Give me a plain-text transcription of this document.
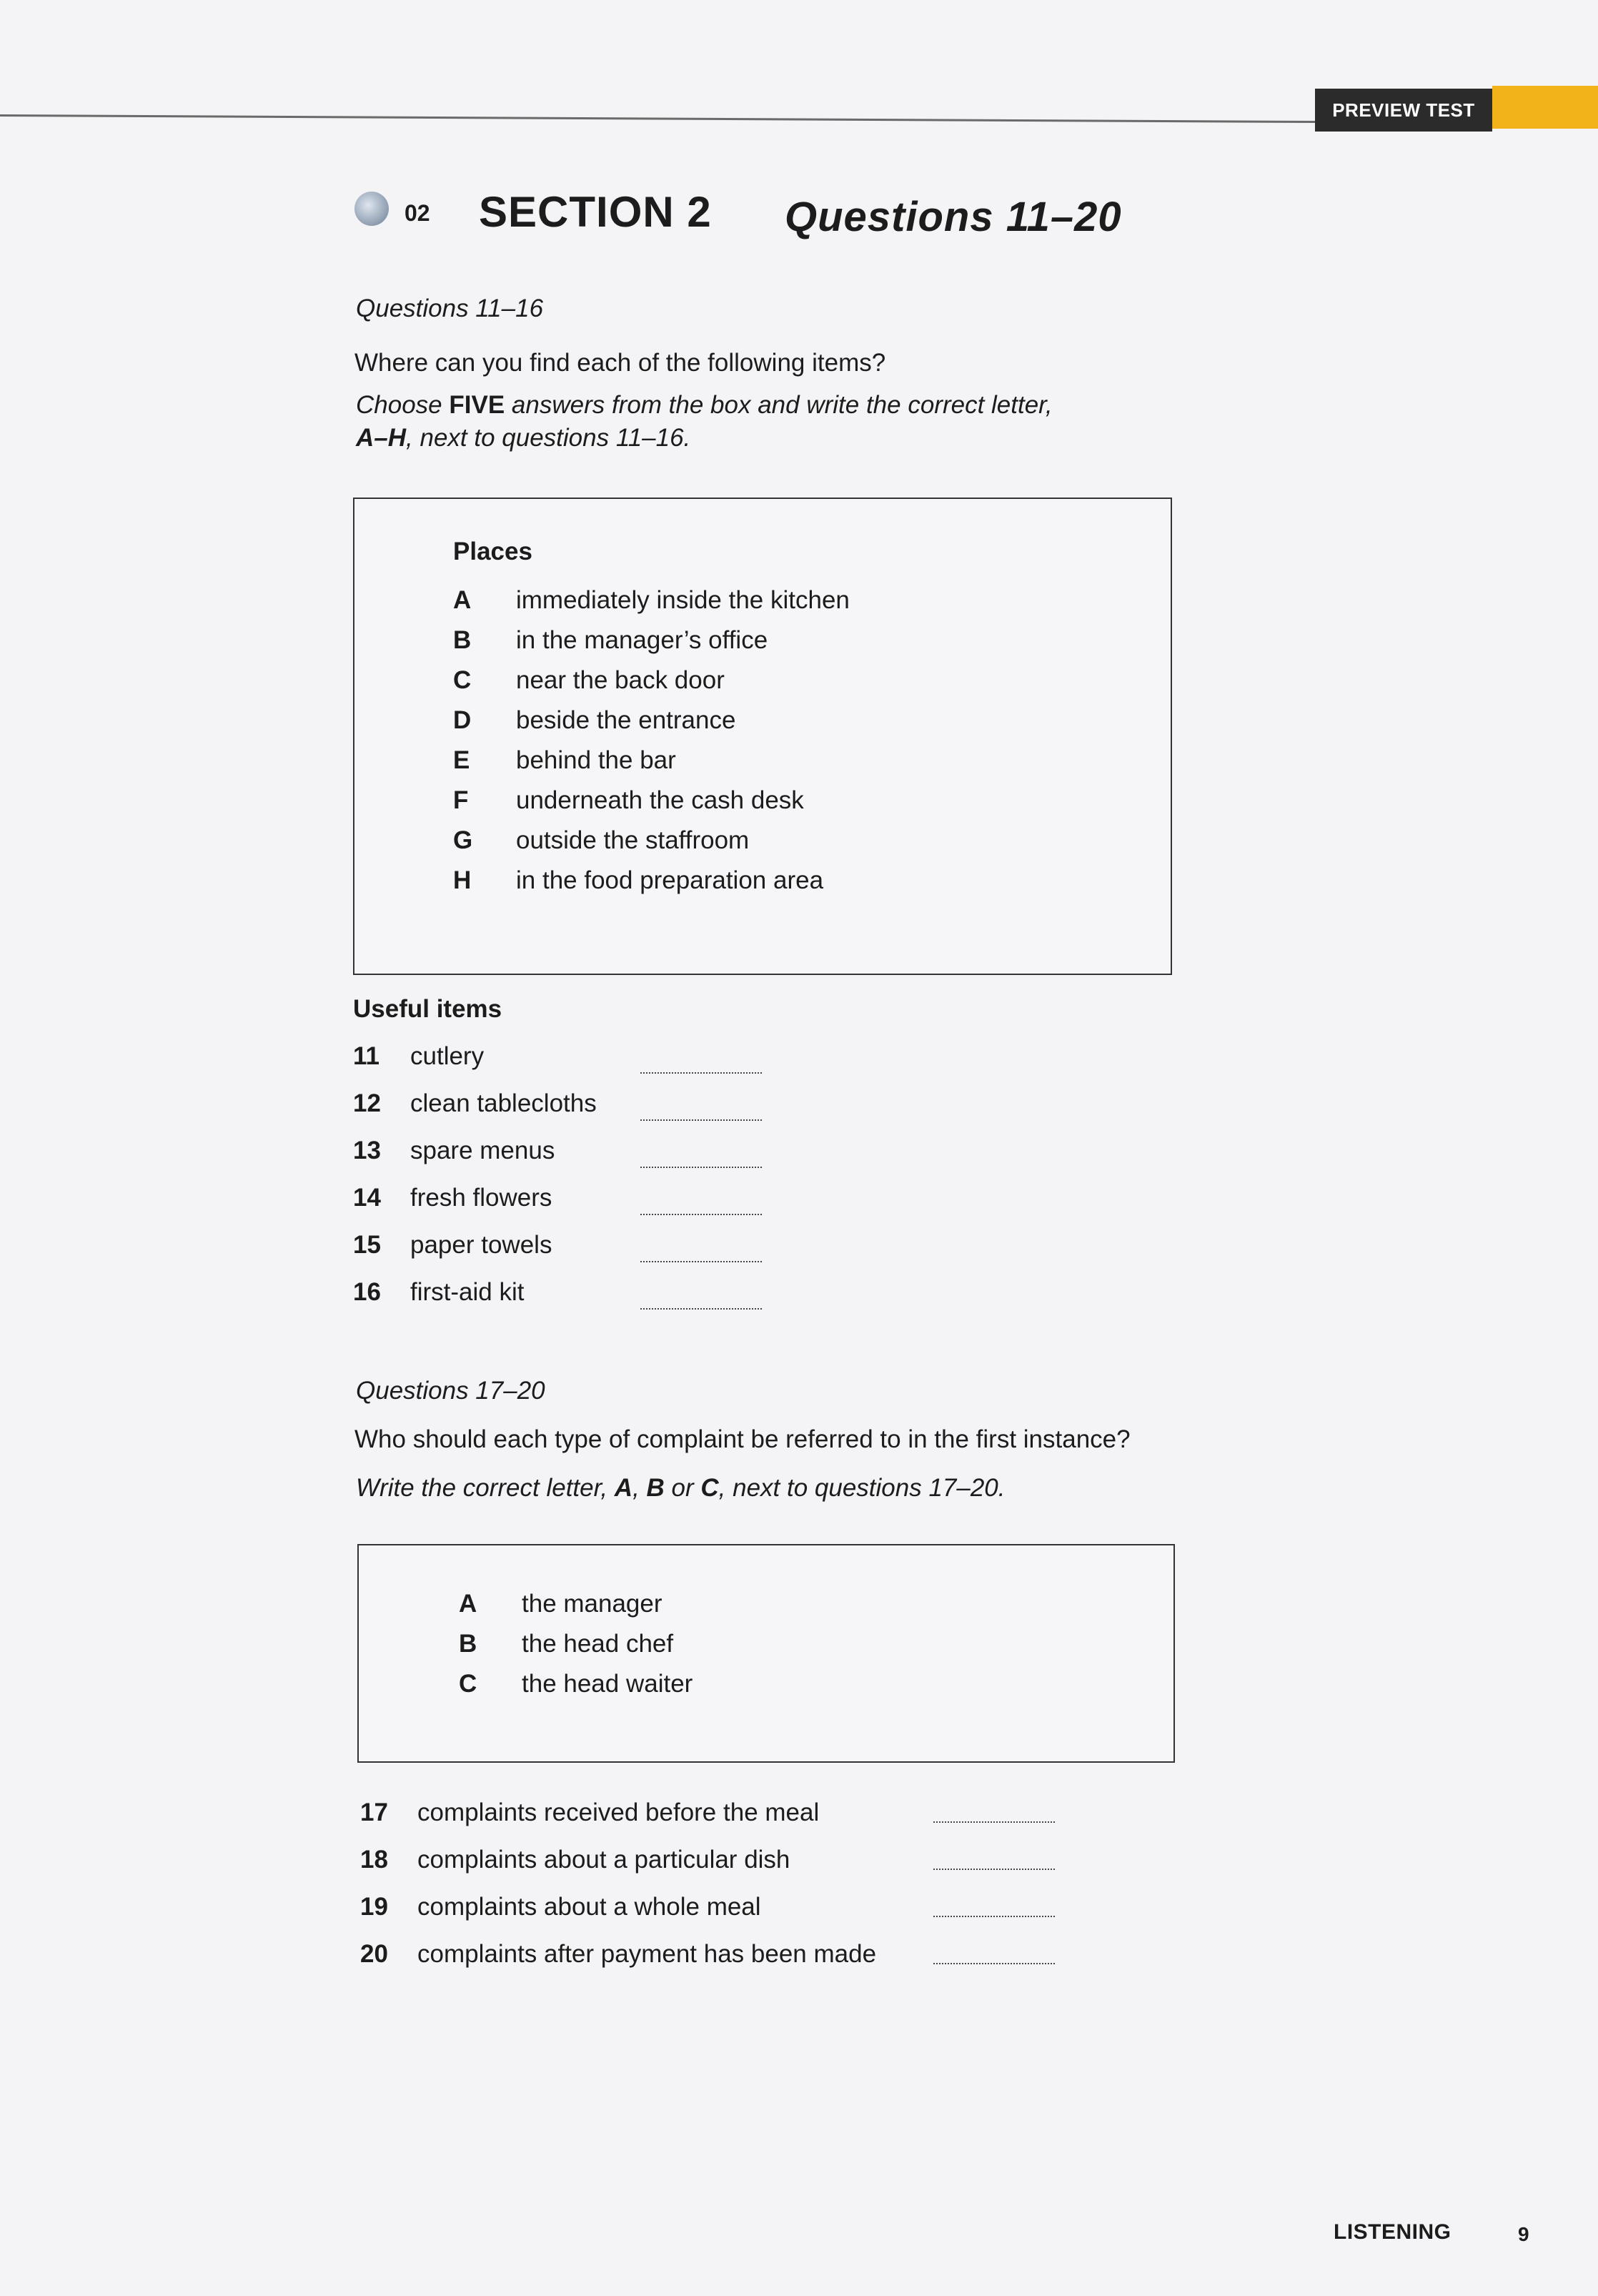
PREVIEW TEST
02 SECTION 2 Questions 11–20
Questions 11–16
Where can you find each of the following items?
Choose FIVE answers from the box and write the correct letter,
A–H, next to questions 11–16.
Places
A immediately inside the kitchen
B in the manager’s office
C near the back door
D beside the entrance
E behind the bar
F underneath the cash desk
G outside the staffroom
H in the food preparation area
Useful items
11 cutlery
12 clean tablecloths
13 spare menus
14 fresh flowers
15 paper towels
16 first-aid kit
Questions 17–20
Who should each type of complaint be referred to in the first instance?
Write the correct letter, A, B or C, next to questions 17–20.
A the manager
B the head chef
C the head waiter
17 complaints received before the meal
18 complaints about a particular dish
19 complaints about a whole meal
20 complaints after payment has been made
LISTENING	9
